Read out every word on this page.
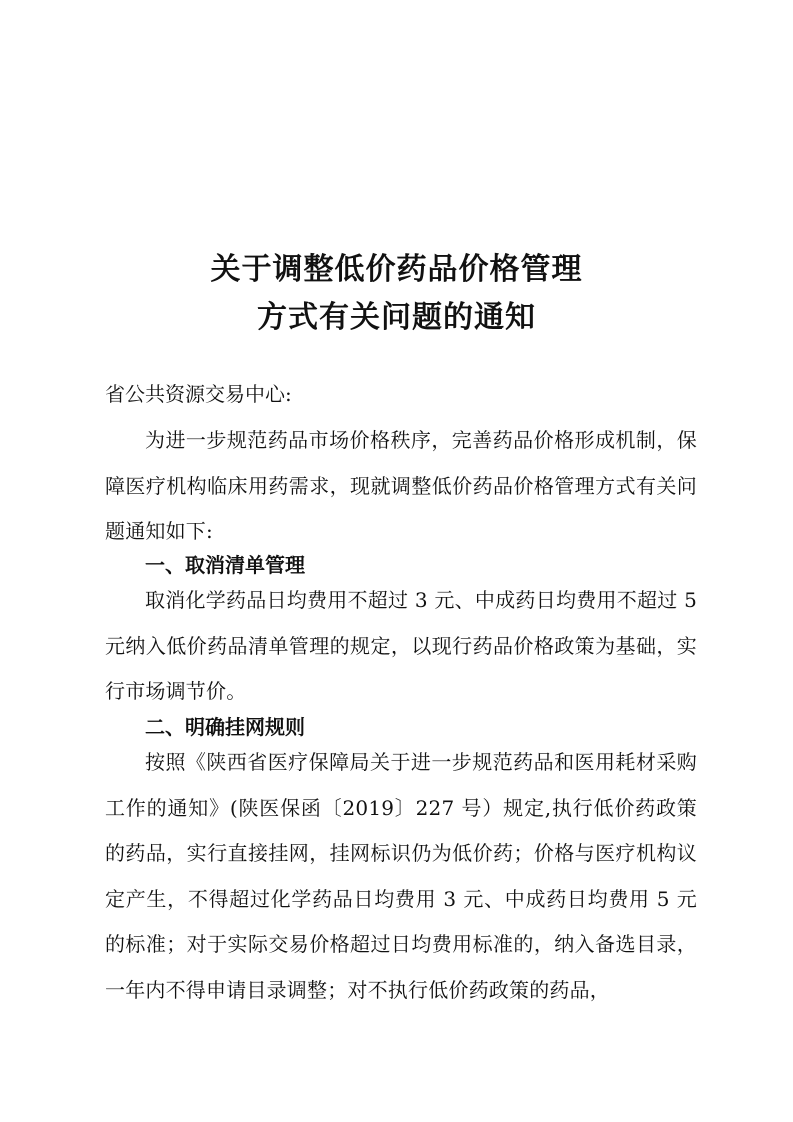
关于调整低价药品价格管理
方式有关问题的通知
省公共资源交易中心:
为进一步规范药品市场价格秩序，完善药品价格形成机制，保障医疗机构临床用药需求，现就调整低价药品价格管理方式有关问题通知如下:
一、取消清单管理
取消化学药品日均费用不超过 3 元、中成药日均费用不超过 5 元纳入低价药品清单管理的规定，以现行药品价格政策为基础，实行市场调节价。
二、明确挂网规则
按照《陕西省医疗保障局关于进一步规范药品和医用耗材采购工作的通知》(陕医保函〔2019〕227 号）规定,执行低价药政策的药品，实行直接挂网，挂网标识仍为低价药；价格与医疗机构议定产生，不得超过化学药品日均费用 3 元、中成药日均费用 5 元的标准；对于实际交易价格超过日均费用标准的，纳入备选目录，一年内不得申请目录调整；对不执行低价药政策的药品，
